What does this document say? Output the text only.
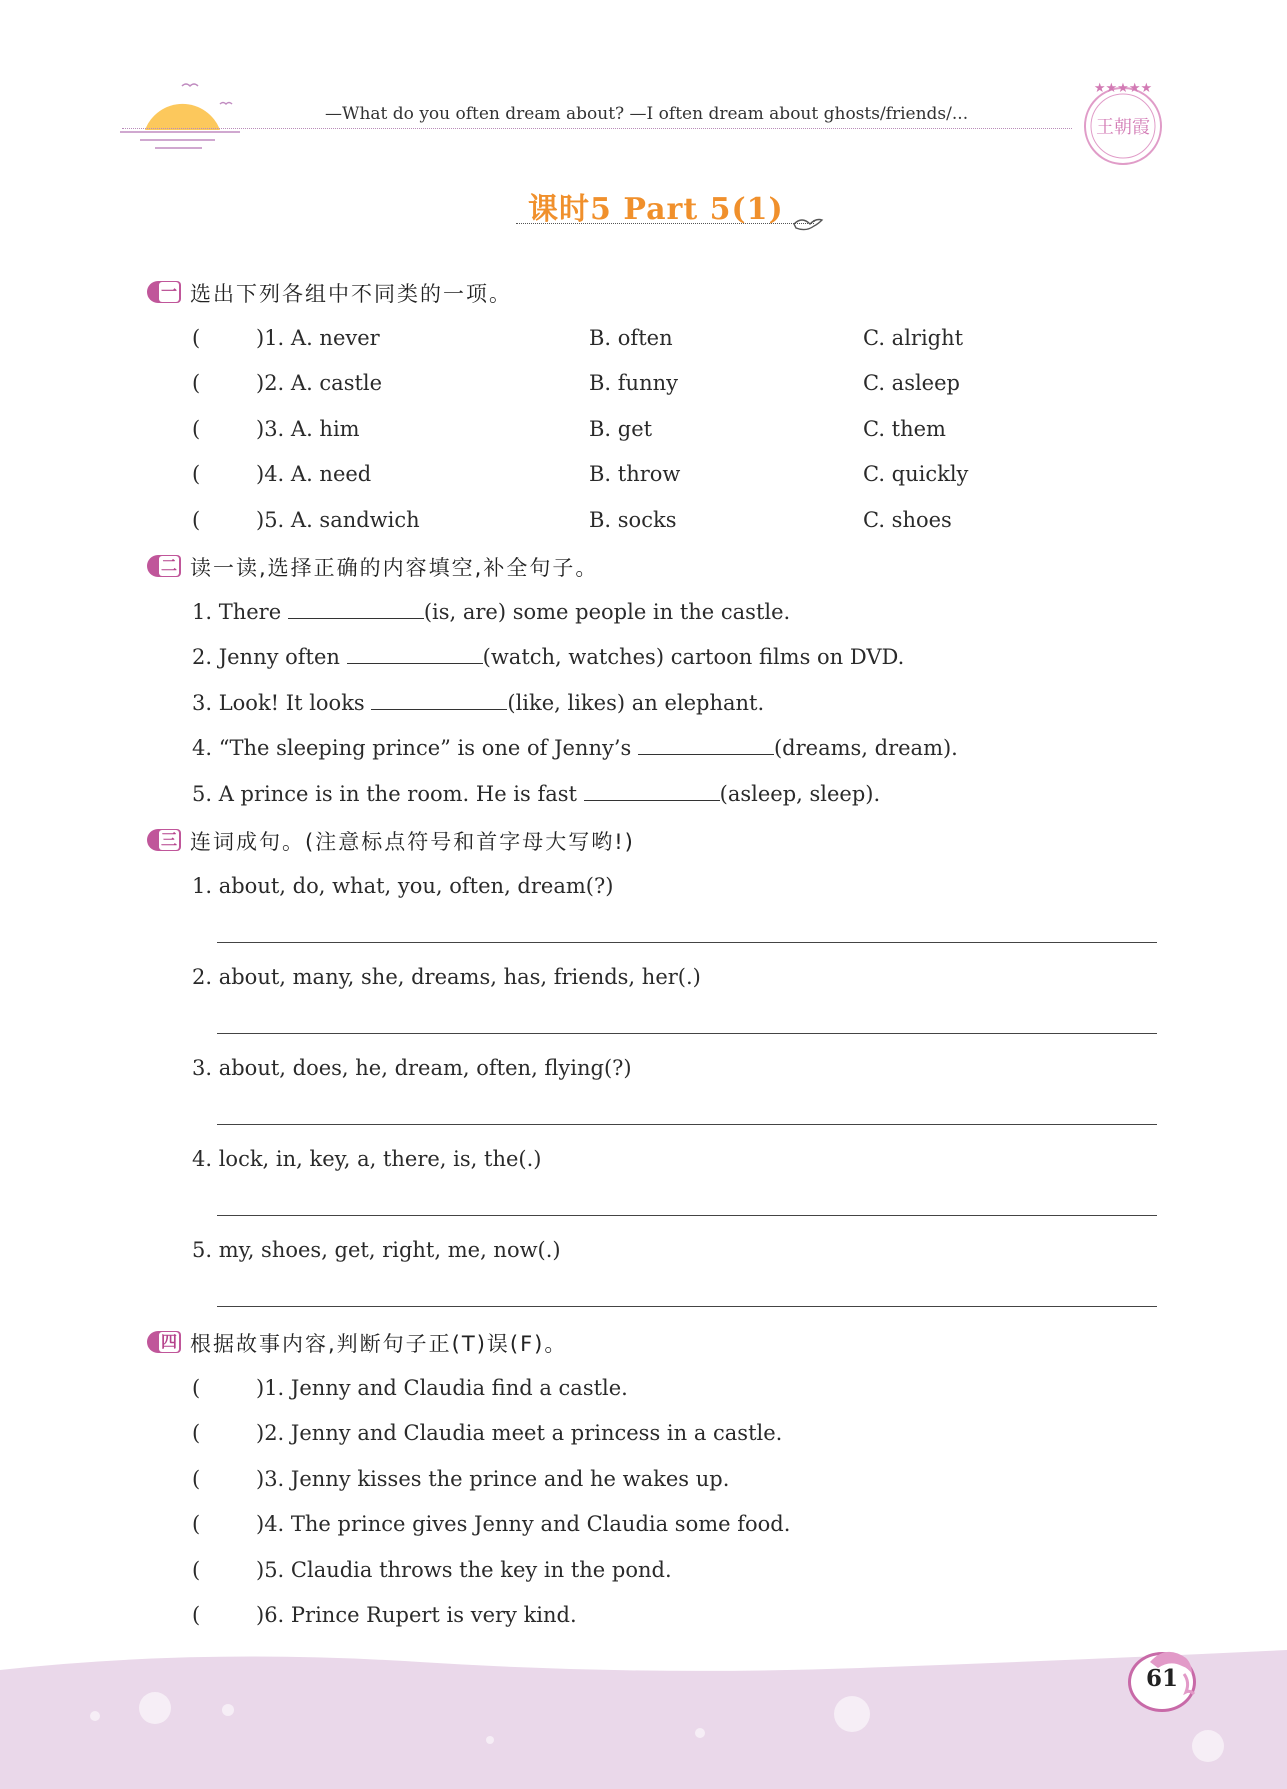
—What do you often dream about? —I often dream about ghosts/friends/...
★★★★★
王朝霞
课时5 Part 5(1)
一 选出下列各组中不同类的一项。
(	)1. A. never	B. often	C. alright
(	)2. A. castle	B. funny	C. asleep
(	)3. A. him	B. get	C. them
(	)4. A. need	B. throw	C. quickly
(	)5. A. sandwich	B. socks	C. shoes
二 读一读,选择正确的内容填空,补全句子。
1. There	(is, are) some people in the castle.
2. Jenny often	(watch, watches) cartoon films on DVD.
3. Look! It looks	(like, likes) an elephant.
4. “The sleeping prince” is one of Jenny’s	(dreams, dream).
5. A prince is in the room. He is fast	(asleep, sleep).
三 连词成句。(注意标点符号和首字母大写哟!)
1. about, do, what, you, often, dream(?)
2. about, many, she, dreams, has, friends, her(.)
3. about, does, he, dream, often, flying(?)
4. lock, in, key, a, there, is, the(.)
5. my, shoes, get, right, me, now(.)
四 根据故事内容,判断句子正(T)误(F)。
(	)1. Jenny and Claudia find a castle.
(	)2. Jenny and Claudia meet a princess in a castle.
(	)3. Jenny kisses the prince and he wakes up.
(	)4. The prince gives Jenny and Claudia some food.
(	)5. Claudia throws the key in the pond.
(	)6. Prince Rupert is very kind.
61
